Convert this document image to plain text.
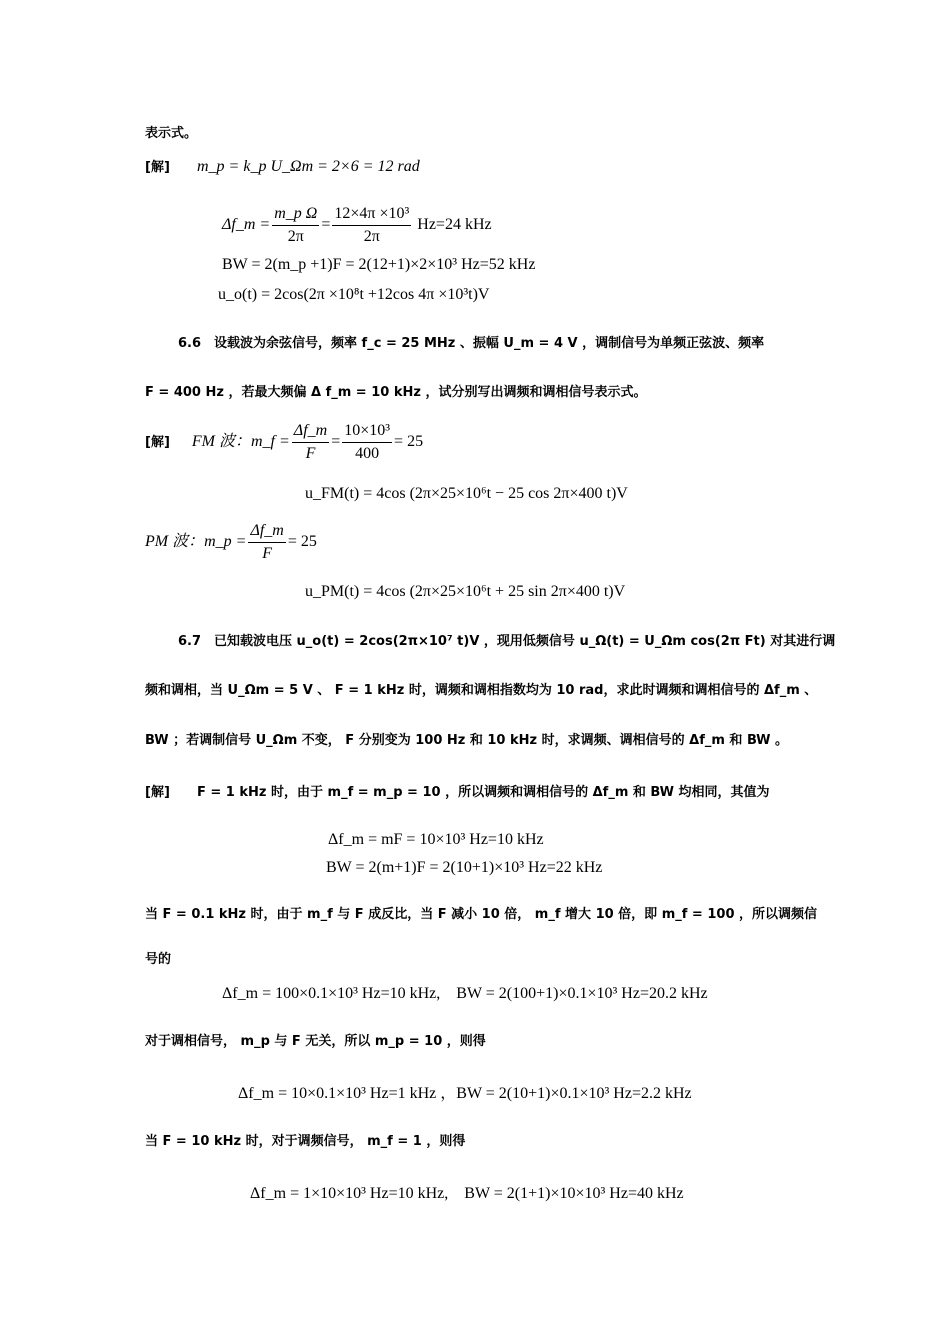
表示式。
[解] m_p = k_p U_Ωm = 2×6 = 12 rad
Δf_m = $\frac{\text{m\_p Ω}}{2\pi} = \frac{\text{12×4π ×10³}}{2\pi} Hz=24$ kHz
BW = 2(m_p +1)F = 2(12+1)×2×10³ Hz=52 kHz
u_o(t) = 2cos(2π ×10⁸t +12cos 4π ×10³t)V
6.6　设载波为余弦信号，频率 f_c = 25 MHz 、振幅 U_m = 4 V ，调制信号为单频正弦波、频率
F = 400 Hz ，若最大频偏 Δ f_m = 10 kHz ，试分别写出调频和调相信号表示式。
[解] FM 波：m_f = $\frac{\Delta f\_m}{F} = \frac{\text{10×10³}}{400} = 25$
u_FM(t) = 4cos (2π×25×10⁶t − 25 cos 2π×400 t)V
PM 波：m_p = $\frac{\Delta f\_m}{F} = 25$
u_PM(t) = 4cos (2π×25×10⁶t + 25 sin 2π×400 t)V
6.7　已知载波电压 u_o(t) = 2cos(2π×10⁷ t)V ，现用低频信号 u_Ω(t) = U_Ωm cos(2π Ft) 对其进行调
频和调相，当 U_Ωm = 5 V 、 F = 1 kHz 时，调频和调相指数均为 10 rad，求此时调频和调相信号的 Δf_m 、
BW ；若调制信号 U_Ωm 不变， F 分别变为 100 Hz 和 10 kHz 时，求调频、调相信号的 Δf_m 和 BW 。
[解] F = 1 kHz 时，由于 m_f = m_p = 10 ，所以调频和调相信号的 Δf_m 和 BW 均相同，其值为
Δf_m = mF = 10×10³ Hz=10 kHz
BW = 2(m+1)F = 2(10+1)×10³ Hz=22 kHz
当 F = 0.1 kHz 时，由于 m_f 与 F 成反比，当 F 减小 10 倍， m_f 增大 10 倍，即 m_f = 100 ，所以调频信
号的
Δf_m = 100×0.1×10³ Hz=10 kHz,　BW = 2(100+1)×0.1×10³ Hz=20.2 kHz
对于调相信号， m_p 与 F 无关，所以 m_p = 10 ，则得
Δf_m = 10×0.1×10³ Hz=1 kHz ，BW = 2(10+1)×0.1×10³ Hz=2.2 kHz
当 F = 10 kHz 时，对于调频信号， m_f = 1 ，则得
Δf_m = 1×10×10³ Hz=10 kHz,　BW = 2(1+1)×10×10³ Hz=40 kHz
